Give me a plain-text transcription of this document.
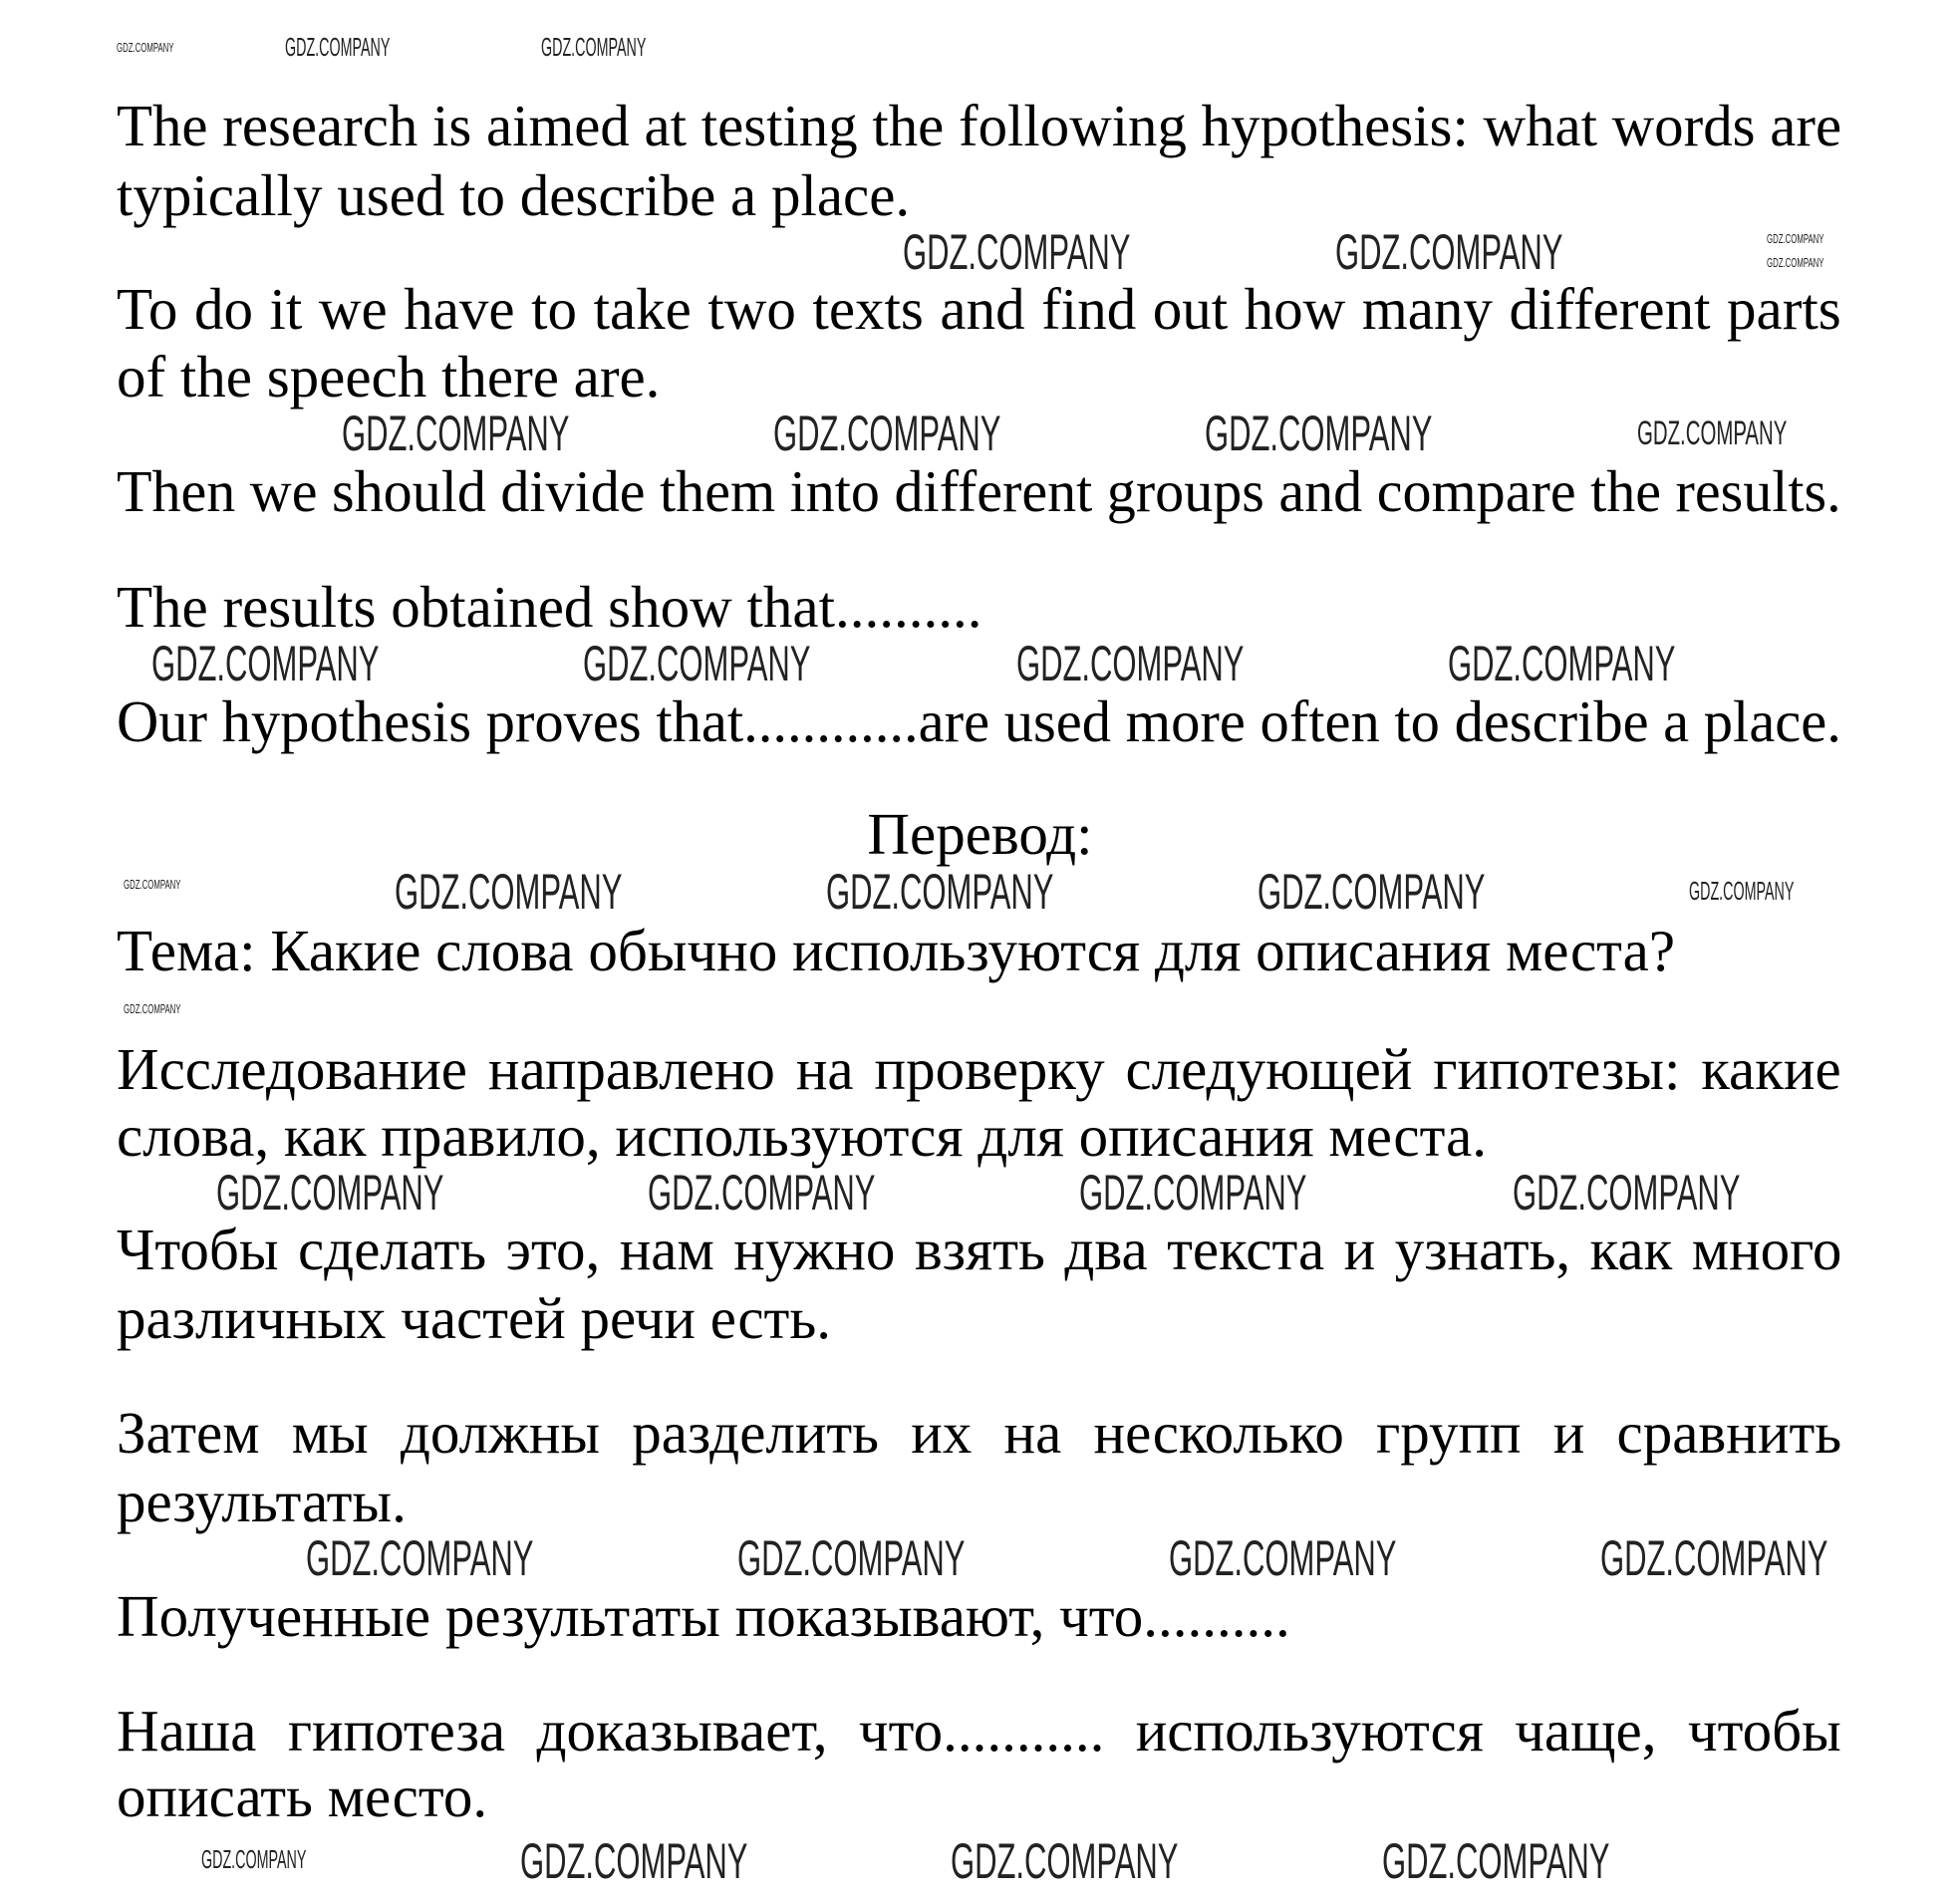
The research is aimed at testing the following hypothesis: what words are
typically used to describe a place.
To do it we have to take two texts and find out how many different parts
of the speech there are.
Then we should divide them into different groups and compare the results.
The results obtained show that..........
Our hypothesis proves that............are used more often to describe a place.
Перевод:
Тема: Какие слова обычно используются для описания места?
Исследование направлено на проверку следующей гипотезы: какие
слова, как правило, используются для описания места.
Чтобы сделать это, нам нужно взять два текста и узнать, как много
различных частей речи есть.
Затем мы должны разделить их на несколько групп и сравнить
результаты.
Полученные результаты показывают, что..........
Наша гипотеза доказывает, что........... используются чаще, чтобы
описать место.
GDZ.COMPANY	GDZ.COMPANY	GDZ.COMPANY
GDZ.COMPANY	GDZ.COMPANY	GDZ.COMPANY
GDZ.COMPANY
GDZ.COMPANY	GDZ.COMPANY	GDZ.COMPANY	GDZ.COMPANY
GDZ.COMPANY	GDZ.COMPANY	GDZ.COMPANY	GDZ.COMPANY
GDZ.COMPANY	GDZ.COMPANY	GDZ.COMPANY	GDZ.COMPANY	GDZ.COMPANY
GDZ.COMPANY
GDZ.COMPANY	GDZ.COMPANY	GDZ.COMPANY	GDZ.COMPANY
GDZ.COMPANY	GDZ.COMPANY	GDZ.COMPANY	GDZ.COMPANY
GDZ.COMPANY	GDZ.COMPANY	GDZ.COMPANY	GDZ.COMPANY
